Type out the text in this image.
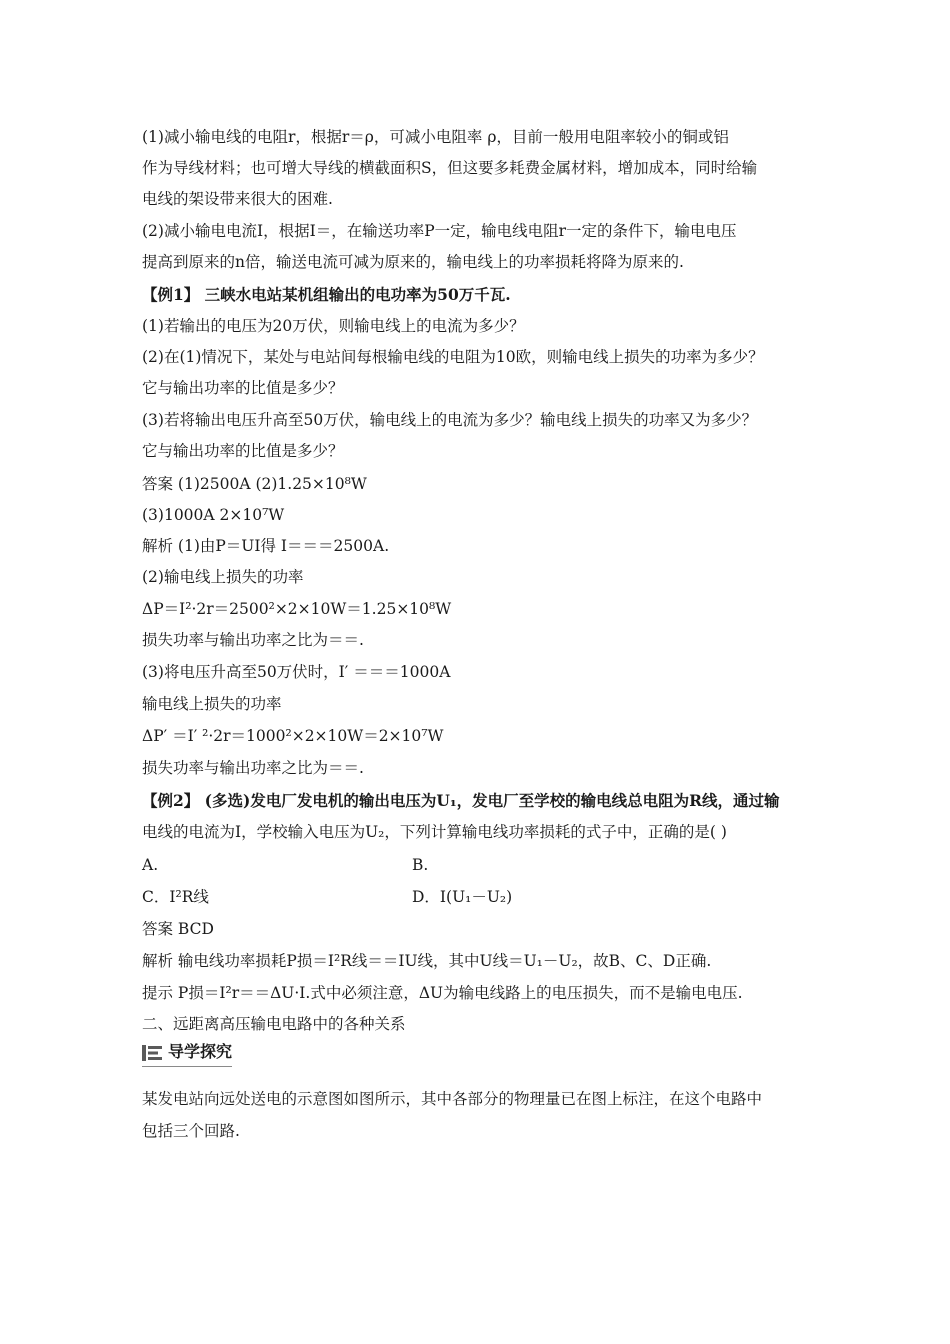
(1)减小输电线的电阻r，根据r＝ρ，可减小电阻率 ρ，目前一般用电阻率较小的铜或铝
作为导线材料；也可增大导线的横截面积S，但这要多耗费金属材料，增加成本，同时给输
电线的架设带来很大的困难.
(2)减小输电电流I，根据I＝，在输送功率P一定，输电线电阻r一定的条件下，输电电压
提高到原来的n倍，输送电流可减为原来的，输电线上的功率损耗将降为原来的.
【例1】 三峡水电站某机组输出的电功率为50万千瓦.
(1)若输出的电压为20万伏，则输电线上的电流为多少？
(2)在(1)情况下，某处与电站间每根输电线的电阻为10欧，则输电线上损失的功率为多少？
它与输出功率的比值是多少？
(3)若将输出电压升高至50万伏，输电线上的电流为多少？输电线上损失的功率又为多少？
它与输出功率的比值是多少？
答案 (1)2500A (2)1.25×10⁸W
(3)1000A 2×10⁷W
解析 (1)由P＝UI得 I＝＝＝2500A.
(2)输电线上损失的功率
ΔP＝I²·2r＝2500²×2×10W＝1.25×10⁸W
损失功率与输出功率之比为＝＝.
(3)将电压升高至50万伏时，I′ ＝＝＝1000A
输电线上损失的功率
ΔP′ ＝I′ ²·2r＝1000²×2×10W＝2×10⁷W
损失功率与输出功率之比为＝＝.
【例2】 (多选)发电厂发电机的输出电压为U₁，发电厂至学校的输电线总电阻为R线，通过输
电线的电流为I，学校输入电压为U₂，下列计算输电线功率损耗的式子中，正确的是( )
A.	B.
C．I²R线	D．I(U₁－U₂)
答案 BCD
解析 输电线功率损耗P损＝I²R线＝＝IU线，其中U线＝U₁－U₂，故B、C、D正确.
提示 P损＝I²r＝＝ΔU·I.式中必须注意，ΔU为输电线路上的电压损失，而不是输电电压.
二、远距离高压输电电路中的各种关系
导学探究
某发电站向远处送电的示意图如图所示，其中各部分的物理量已在图上标注，在这个电路中
包括三个回路.
